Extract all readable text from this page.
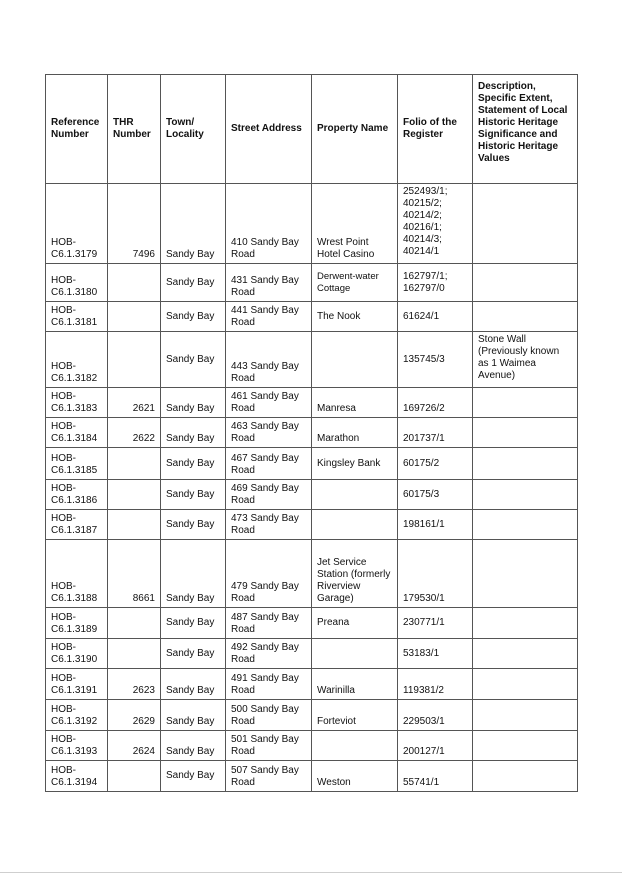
Reference Number	THR Number	Town/ Locality	Street Address	Property Name	Folio of the Register	Description, Specific Extent, Statement of Local Historic Heritage Significance and Historic Heritage Values
HOB-C6.1.3179	7496	Sandy Bay	410 Sandy Bay Road	Wrest Point Hotel Casino	252493/1; 40215/2; 40214/2; 40216/1; 40214/3; 40214/1	
HOB-C6.1.3180		Sandy Bay	431 Sandy Bay Road	Derwent-water Cottage	162797/1; 162797/0	
HOB-C6.1.3181		Sandy Bay	441 Sandy Bay Road	The Nook	61624/1	
HOB-C6.1.3182		Sandy Bay	443 Sandy Bay Road		135745/3	Stone Wall (Previously known as 1 Waimea Avenue)
HOB-C6.1.3183	2621	Sandy Bay	461 Sandy Bay Road	Manresa	169726/2	
HOB-C6.1.3184	2622	Sandy Bay	463 Sandy Bay Road	Marathon	201737/1	
HOB-C6.1.3185		Sandy Bay	467 Sandy Bay Road	Kingsley Bank	60175/2	
HOB-C6.1.3186		Sandy Bay	469 Sandy Bay Road		60175/3	
HOB-C6.1.3187		Sandy Bay	473 Sandy Bay Road		198161/1	
HOB-C6.1.3188	8661	Sandy Bay	479 Sandy Bay Road	Jet Service Station (formerly Riverview Garage)	179530/1	
HOB-C6.1.3189		Sandy Bay	487 Sandy Bay Road	Preana	230771/1	
HOB-C6.1.3190		Sandy Bay	492 Sandy Bay Road		53183/1	
HOB-C6.1.3191	2623	Sandy Bay	491 Sandy Bay Road	Warinilla	119381/2	
HOB-C6.1.3192	2629	Sandy Bay	500 Sandy Bay Road	Forteviot	229503/1	
HOB-C6.1.3193	2624	Sandy Bay	501 Sandy Bay Road		200127/1	
HOB-C6.1.3194		Sandy Bay	507 Sandy Bay Road	Weston	55741/1	
